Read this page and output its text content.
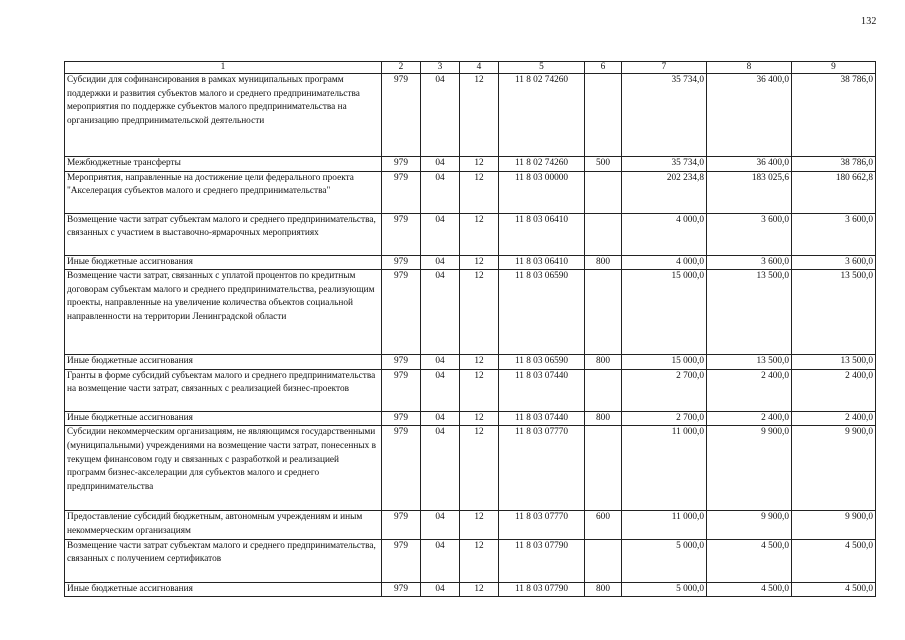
132
1	2	3	4	5	6	7	8	9
Субсидии для софинансирования в рамках муниципальных программ поддержки и развития субъектов малого и среднего предпринимательства мероприятия по поддержке субъектов малого предпринимательства на организацию предпринимательской деятельности	979	04	12	11 8 02 74260		35 734,0	36 400,0	38 786,0
Межбюджетные трансферты	979	04	12	11 8 02 74260	500	35 734,0	36 400,0	38 786,0
Мероприятия, направленные на достижение цели федерального проекта "Акселерация субъектов малого и среднего предпринимательства"	979	04	12	11 8 03 00000		202 234,8	183 025,6	180 662,8
Возмещение части затрат субъектам малого и среднего предпринимательства, связанных с участием в выставочно-ярмарочных мероприятиях	979	04	12	11 8 03 06410		4 000,0	3 600,0	3 600,0
Иные бюджетные ассигнования	979	04	12	11 8 03 06410	800	4 000,0	3 600,0	3 600,0
Возмещение части затрат, связанных с уплатой процентов по кредитным договорам субъектам малого и среднего предпринимательства, реализующим проекты, направленные на увеличение количества объектов социальной направленности на территории Ленинградской области	979	04	12	11 8 03 06590		15 000,0	13 500,0	13 500,0
Иные бюджетные ассигнования	979	04	12	11 8 03 06590	800	15 000,0	13 500,0	13 500,0
Гранты в форме субсидий субъектам малого и среднего предпринимательства на возмещение части затрат, связанных с реализацией бизнес-проектов	979	04	12	11 8 03 07440		2 700,0	2 400,0	2 400,0
Иные бюджетные ассигнования	979	04	12	11 8 03 07440	800	2 700,0	2 400,0	2 400,0
Субсидии некоммерческим организациям, не являющимся государственными (муниципальными) учреждениями на возмещение части затрат, понесенных в текущем финансовом году и связанных с разработкой и реализацией программ бизнес-акселерации для субъектов малого и среднего предпринимательства	979	04	12	11 8 03 07770		11 000,0	9 900,0	9 900,0
Предоставление субсидий бюджетным, автономным учреждениям и иным некоммерческим организациям	979	04	12	11 8 03 07770	600	11 000,0	9 900,0	9 900,0
Возмещение части затрат субъектам малого и среднего предпринимательства, связанных с получением сертификатов	979	04	12	11 8 03 07790		5 000,0	4 500,0	4 500,0
Иные бюджетные ассигнования	979	04	12	11 8 03 07790	800	5 000,0	4 500,0	4 500,0
